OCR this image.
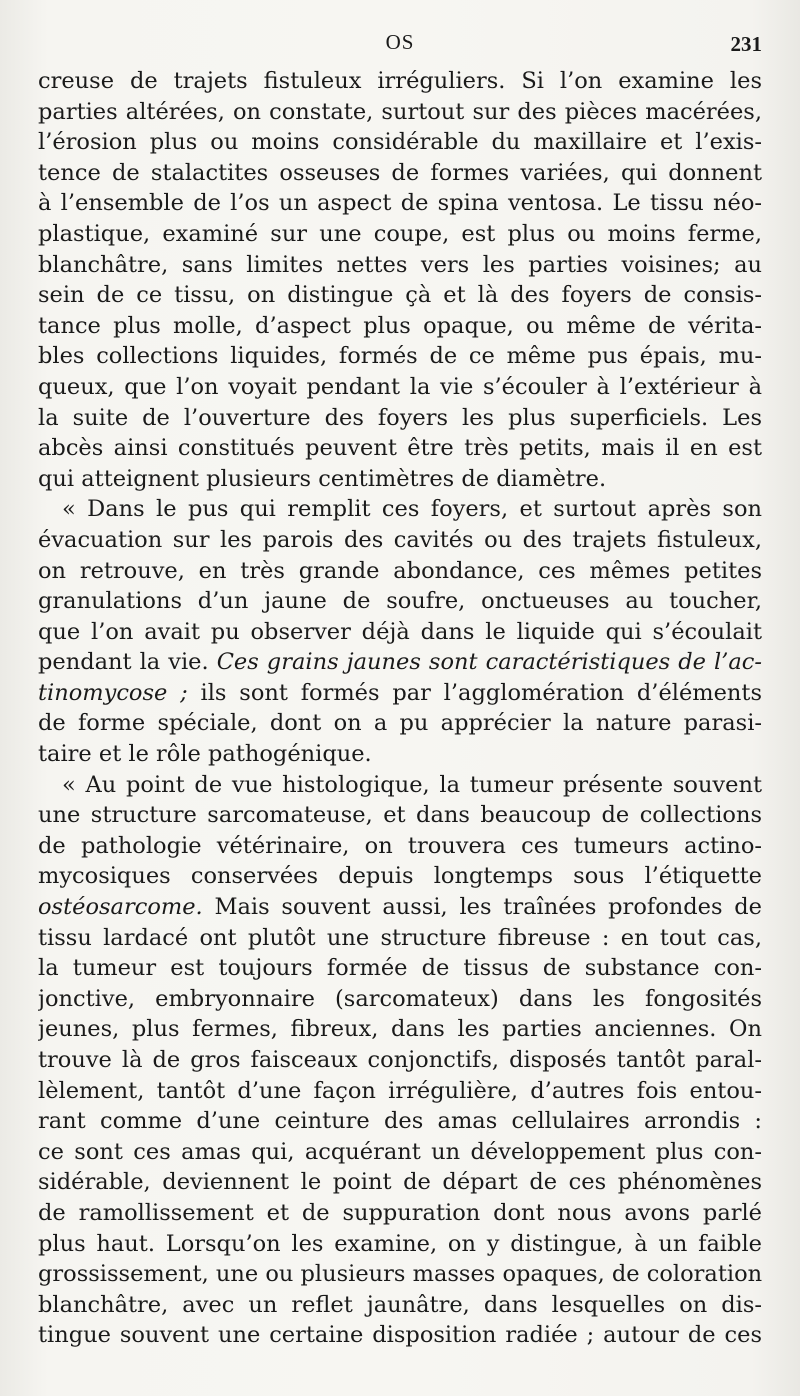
OS	231
creuse de trajets fistuleux irréguliers. Si l’on examine les
parties altérées, on constate, surtout sur des pièces macérées,
l’érosion plus ou moins considérable du maxillaire et l’exis-
tence de stalactites osseuses de formes variées, qui donnent
à l’ensemble de l’os un aspect de spina ventosa. Le tissu néo-
plastique, examiné sur une coupe, est plus ou moins ferme,
blanchâtre, sans limites nettes vers les parties voisines; au
sein de ce tissu, on distingue çà et là des foyers de consis-
tance plus molle, d’aspect plus opaque, ou même de vérita-
bles collections liquides, formés de ce même pus épais, mu-
queux, que l’on voyait pendant la vie s’écouler à l’extérieur à
la suite de l’ouverture des foyers les plus superficiels. Les
abcès ainsi constitués peuvent être très petits, mais il en est
qui atteignent plusieurs centimètres de diamètre.
« Dans le pus qui remplit ces foyers, et surtout après son
évacuation sur les parois des cavités ou des trajets fistuleux,
on retrouve, en très grande abondance, ces mêmes petites
granulations d’un jaune de soufre, onctueuses au toucher,
que l’on avait pu observer déjà dans le liquide qui s’écoulait
pendant la vie. Ces grains jaunes sont caractéristiques de l’ac-
tinomycose ; ils sont formés par l’agglomération d’éléments
de forme spéciale, dont on a pu apprécier la nature parasi-
taire et le rôle pathogénique.
« Au point de vue histologique, la tumeur présente souvent
une structure sarcomateuse, et dans beaucoup de collections
de pathologie vétérinaire, on trouvera ces tumeurs actino-
mycosiques conservées depuis longtemps sous l’étiquette
ostéosarcome. Mais souvent aussi, les traînées profondes de
tissu lardacé ont plutôt une structure fibreuse : en tout cas,
la tumeur est toujours formée de tissus de substance con-
jonctive, embryonnaire (sarcomateux) dans les fongosités
jeunes, plus fermes, fibreux, dans les parties anciennes. On
trouve là de gros faisceaux conjonctifs, disposés tantôt paral-
lèlement, tantôt d’une façon irrégulière, d’autres fois entou-
rant comme d’une ceinture des amas cellulaires arrondis :
ce sont ces amas qui, acquérant un développement plus con-
sidérable, deviennent le point de départ de ces phénomènes
de ramollissement et de suppuration dont nous avons parlé
plus haut. Lorsqu’on les examine, on y distingue, à un faible
grossissement, une ou plusieurs masses opaques, de coloration
blanchâtre, avec un reflet jaunâtre, dans lesquelles on dis-
tingue souvent une certaine disposition radiée ; autour de ces
